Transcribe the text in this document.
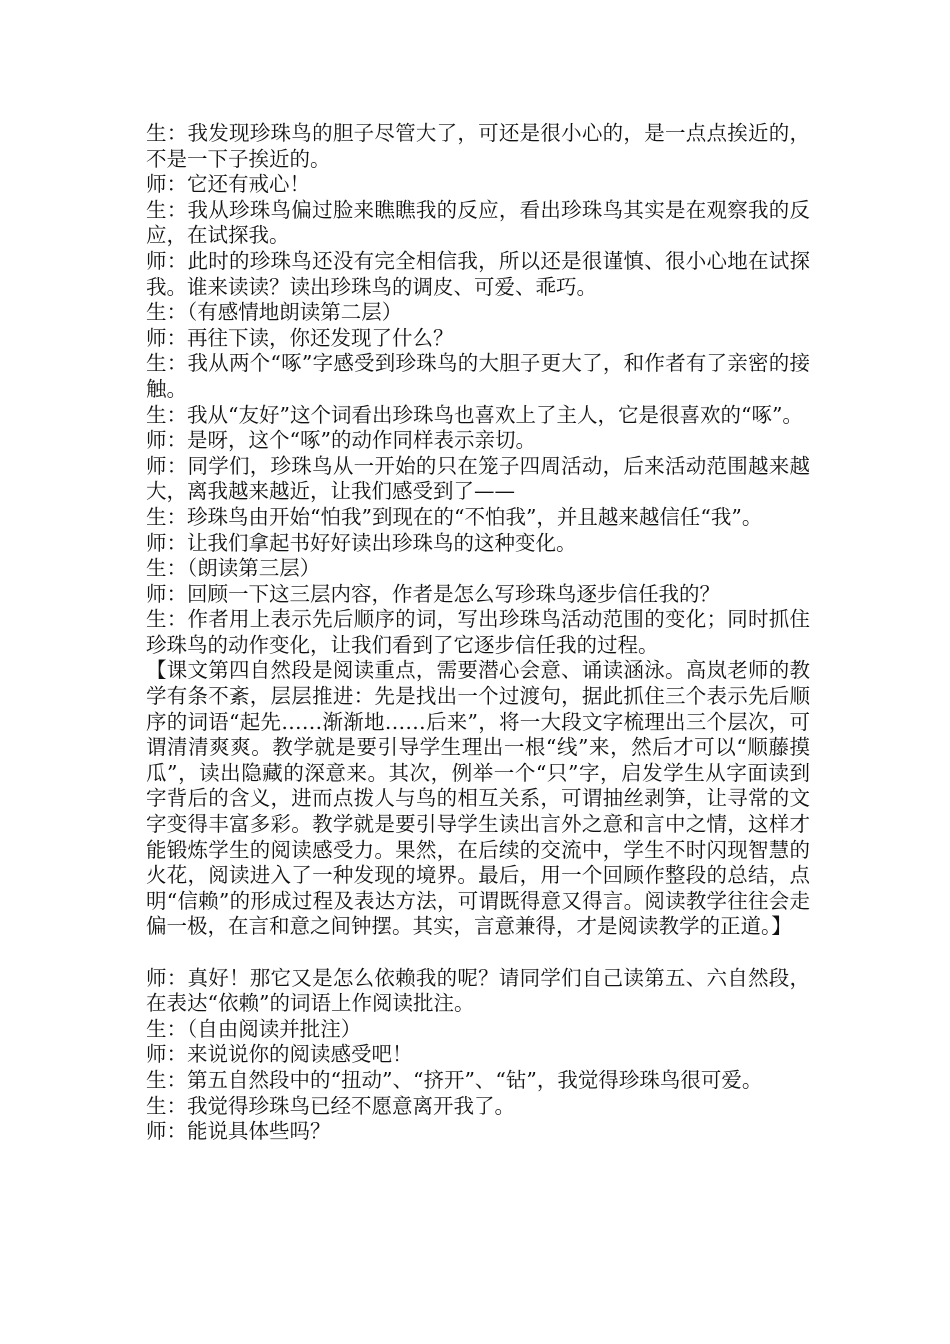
生：我发现珍珠鸟的胆子尽管大了，可还是很小心的，是一点点挨近的，不是一下子挨近的。

师：它还有戒心！

生：我从珍珠鸟偏过脸来瞧瞧我的反应，看出珍珠鸟其实是在观察我的反应，在试探我。

师：此时的珍珠鸟还没有完全相信我，所以还是很谨慎、很小心地在试探我。谁来读读？读出珍珠鸟的调皮、可爱、乖巧。

生：（有感情地朗读第二层）

师：再往下读，你还发现了什么？

生：我从两个“啄”字感受到珍珠鸟的大胆子更大了，和作者有了亲密的接触。

生：我从“友好”这个词看出珍珠鸟也喜欢上了主人，它是很喜欢的“啄”。

师：是呀，这个“啄”的动作同样表示亲切。

师：同学们，珍珠鸟从一开始的只在笼子四周活动，后来活动范围越来越大，离我越来越近，让我们感受到了——

生：珍珠鸟由开始“怕我”到现在的“不怕我”，并且越来越信任“我”。

师：让我们拿起书好好读出珍珠鸟的这种变化。

生：（朗读第三层）

师：回顾一下这三层内容，作者是怎么写珍珠鸟逐步信任我的？

生：作者用上表示先后顺序的词，写出珍珠鸟活动范围的变化；同时抓住珍珠鸟的动作变化，让我们看到了它逐步信任我的过程。

【课文第四自然段是阅读重点，需要潜心会意、诵读涵泳。高岚老师的教学有条不紊，层层推进：先是找出一个过渡句，据此抓住三个表示先后顺序的词语“起先……渐渐地……后来”，将一大段文字梳理出三个层次，可谓清清爽爽。教学就是要引导学生理出一根“线”来，然后才可以“顺藤摸瓜”，读出隐藏的深意来。其次，例举一个“只”字，启发学生从字面读到字背后的含义，进而点拨人与鸟的相互关系，可谓抽丝剥笋，让寻常的文字变得丰富多彩。教学就是要引导学生读出言外之意和言中之情，这样才能锻炼学生的阅读感受力。果然，在后续的交流中，学生不时闪现智慧的火花，阅读进入了一种发现的境界。最后，用一个回顾作整段的总结，点明“信赖”的形成过程及表达方法，可谓既得意又得言。阅读教学往往会走偏一极，在言和意之间钟摆。其实，言意兼得，才是阅读教学的正道。】

师：真好！那它又是怎么依赖我的呢？请同学们自己读第五、六自然段，在表达“依赖”的词语上作阅读批注。

生：（自由阅读并批注）

师：来说说你的阅读感受吧！

生：第五自然段中的“扭动”、“挤开”、“钻”，我觉得珍珠鸟很可爱。

生：我觉得珍珠鸟已经不愿意离开我了。

师：能说具体些吗？
